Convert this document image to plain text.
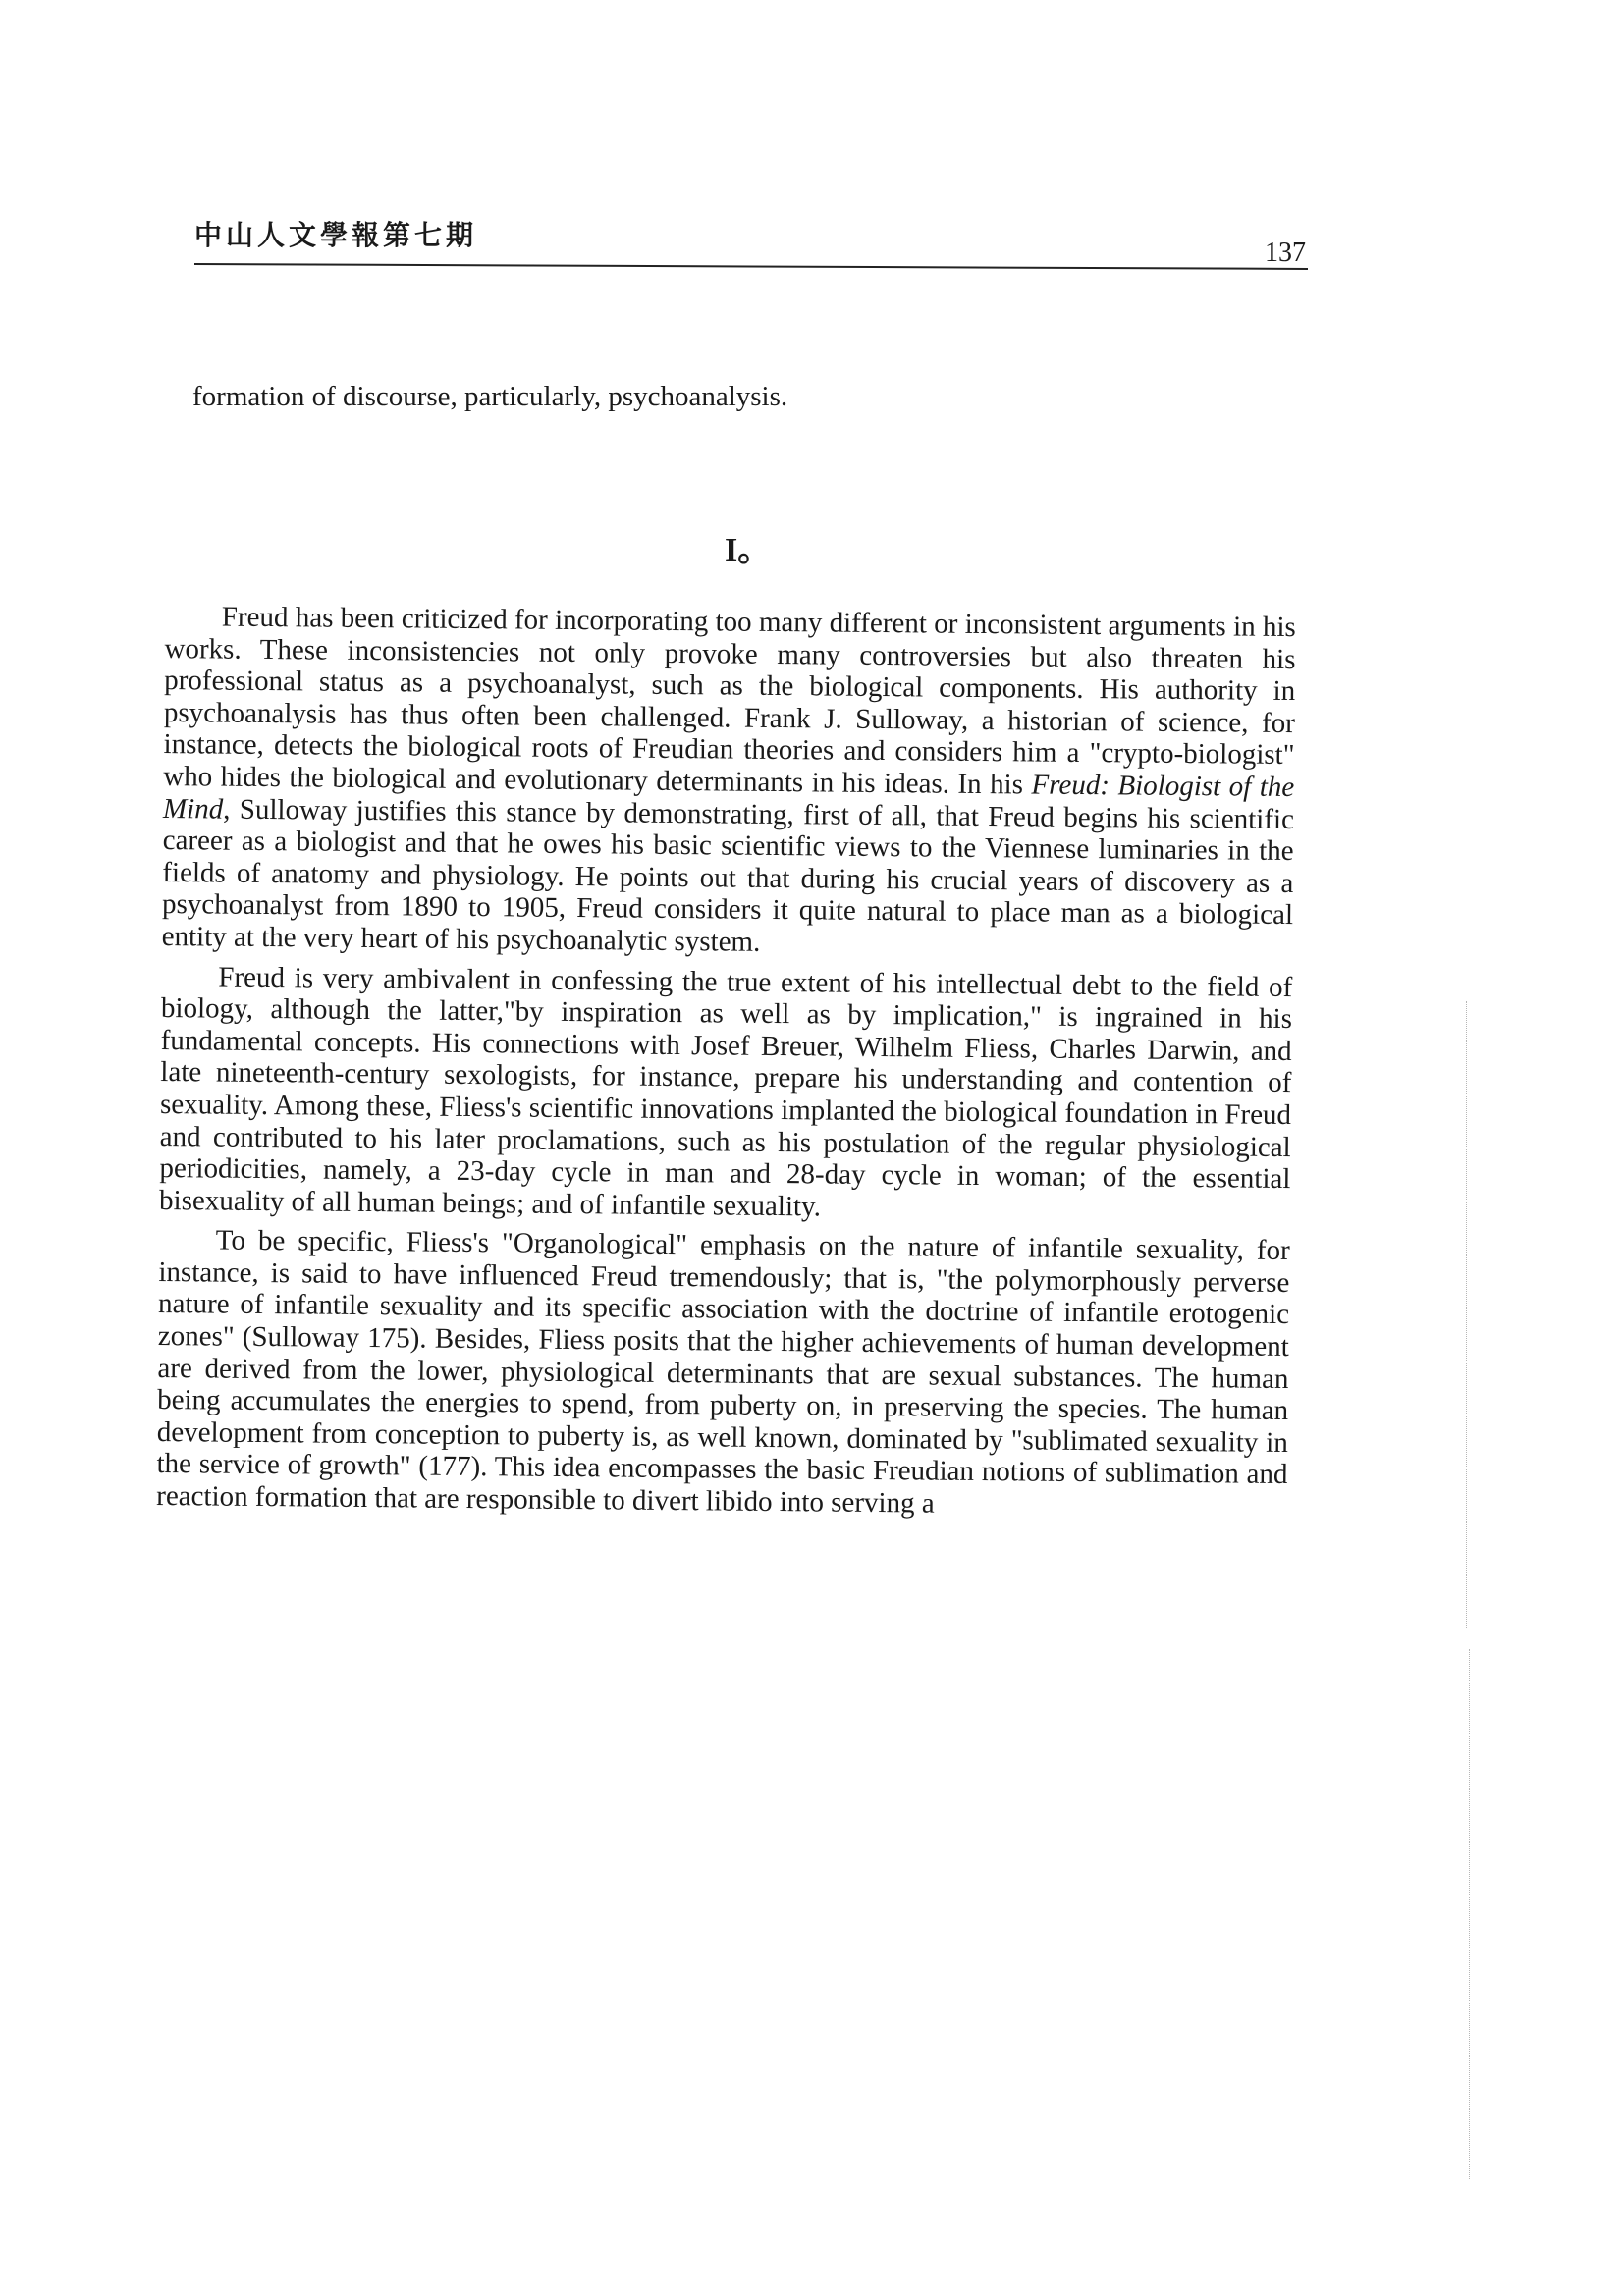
中山人文學報第七期
137
formation of discourse, particularly, psychoanalysis.
I。

Freud has been criticized for incorporating too many different or inconsistent arguments in his works. These inconsistencies not only provoke many controversies but also threaten his professional status as a psychoanalyst, such as the biological components. His authority in psychoanalysis has thus often been challenged. Frank J. Sulloway, a historian of science, for instance, detects the biological roots of Freudian theories and considers him a "crypto-biologist" who hides the biological and evolutionary determinants in his ideas. In his Freud: Biologist of the Mind, Sulloway justifies this stance by demonstrating, first of all, that Freud begins his scientific career as a biologist and that he owes his basic scientific views to the Viennese luminaries in the fields of anatomy and physiology. He points out that during his crucial years of discovery as a psychoanalyst from 1890 to 1905, Freud considers it quite natural to place man as a biological entity at the very heart of his psychoanalytic system.

Freud is very ambivalent in confessing the true extent of his intellectual debt to the field of biology, although the latter,"by inspiration as well as by implication," is ingrained in his fundamental concepts. His connections with Josef Breuer, Wilhelm Fliess, Charles Darwin, and late nineteenth-century sexologists, for instance, prepare his understanding and contention of sexuality. Among these, Fliess's scientific innovations implanted the biological foundation in Freud and contributed to his later proclamations, such as his postulation of the regular physiological periodicities, namely, a 23-day cycle in man and 28-day cycle in woman; of the essential bisexuality of all human beings; and of infantile sexuality.

To be specific, Fliess's "Organological" emphasis on the nature of infantile sexuality, for instance, is said to have influenced Freud tremendously; that is, "the polymorphously perverse nature of infantile sexuality and its specific association with the doctrine of infantile erotogenic zones" (Sulloway 175). Besides, Fliess posits that the higher achievements of human development are derived from the lower, physiological determinants that are sexual substances. The human being accumulates the energies to spend, from puberty on, in preserving the species. The human development from conception to puberty is, as well known, dominated by "sublimated sexuality in the service of growth" (177). This idea encompasses the basic Freudian notions of sublimation and reaction formation that are responsible to divert libido into serving a
